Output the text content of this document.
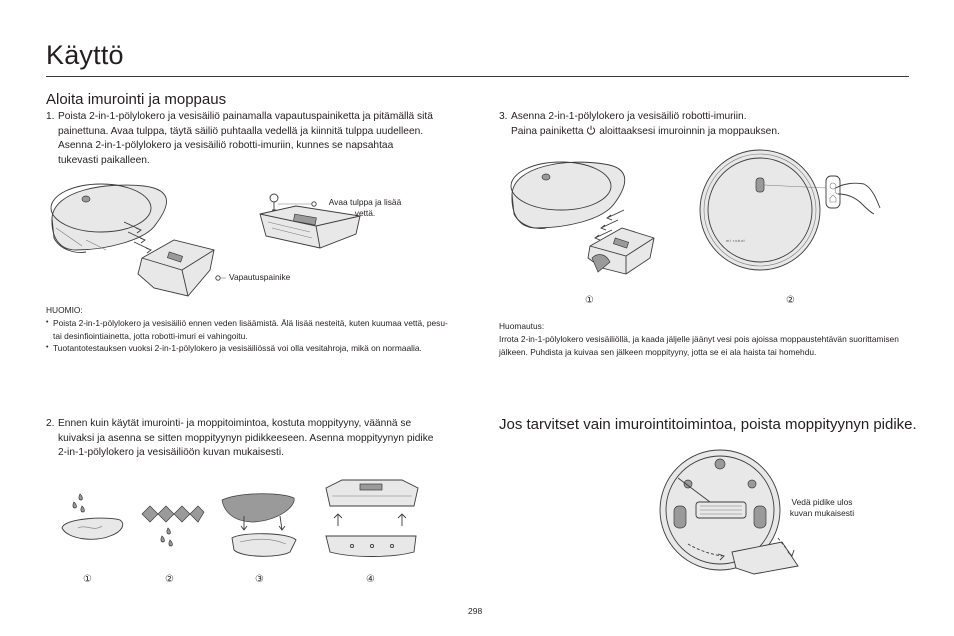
Käyttö
Aloita imurointi ja moppaus
1. Poista 2-in-1-pölylokero ja vesisäiliö painamalla vapautuspainiketta ja pitämällä sitä painettuna. Avaa tulppa, täytä säiliö puhtaalla vedellä ja kiinnitä tulppa uudelleen. Asenna 2-in-1-pölylokero ja vesisäiliö robotti-imuriin, kunnes se napsahtaa tukevasti paikalleen.
Vapautuspainike
Avaa tulppa ja lisää vettä.
HUOMIO:
• Poista 2-in-1-pölylokero ja vesisäiliö ennen veden lisäämistä. Älä lisää nesteitä, kuten kuumaa vettä, pesu- tai desinfiointiainetta, jotta robotti-imuri ei vahingoitu.
• Tuotantotestauksen vuoksi 2-in-1-pölylokero ja vesisäiliössä voi olla vesitahroja, mikä on normaalia.
2. Ennen kuin käytät imurointi- ja moppitoimintoa, kostuta moppityyny, väännä se kuivaksi ja asenna se sitten moppityynyn pidikkeeseen. Asenna moppityynyn pidike 2-in-1-pölylokero ja vesisäiliöön kuvan mukaisesti.
①	②	③	④
3. Asenna 2-in-1-pölylokero ja vesisäiliö robotti-imuriin.
Paina painiketta aloittaaksesi imuroinnin ja moppauksen.
mi robot
①	②
Huomautus:
Irrota 2-in-1-pölylokero vesisäiliöllä, ja kaada jäljelle jäänyt vesi pois ajoissa moppaustehtävän suorittamisen jälkeen. Puhdista ja kuivaa sen jälkeen moppityyny, jotta se ei ala haista tai homehdu.
Jos tarvitset vain imurointitoimintoa, poista moppityynyn pidike.
Vedä pidike ulos kuvan mukaisesti
298
